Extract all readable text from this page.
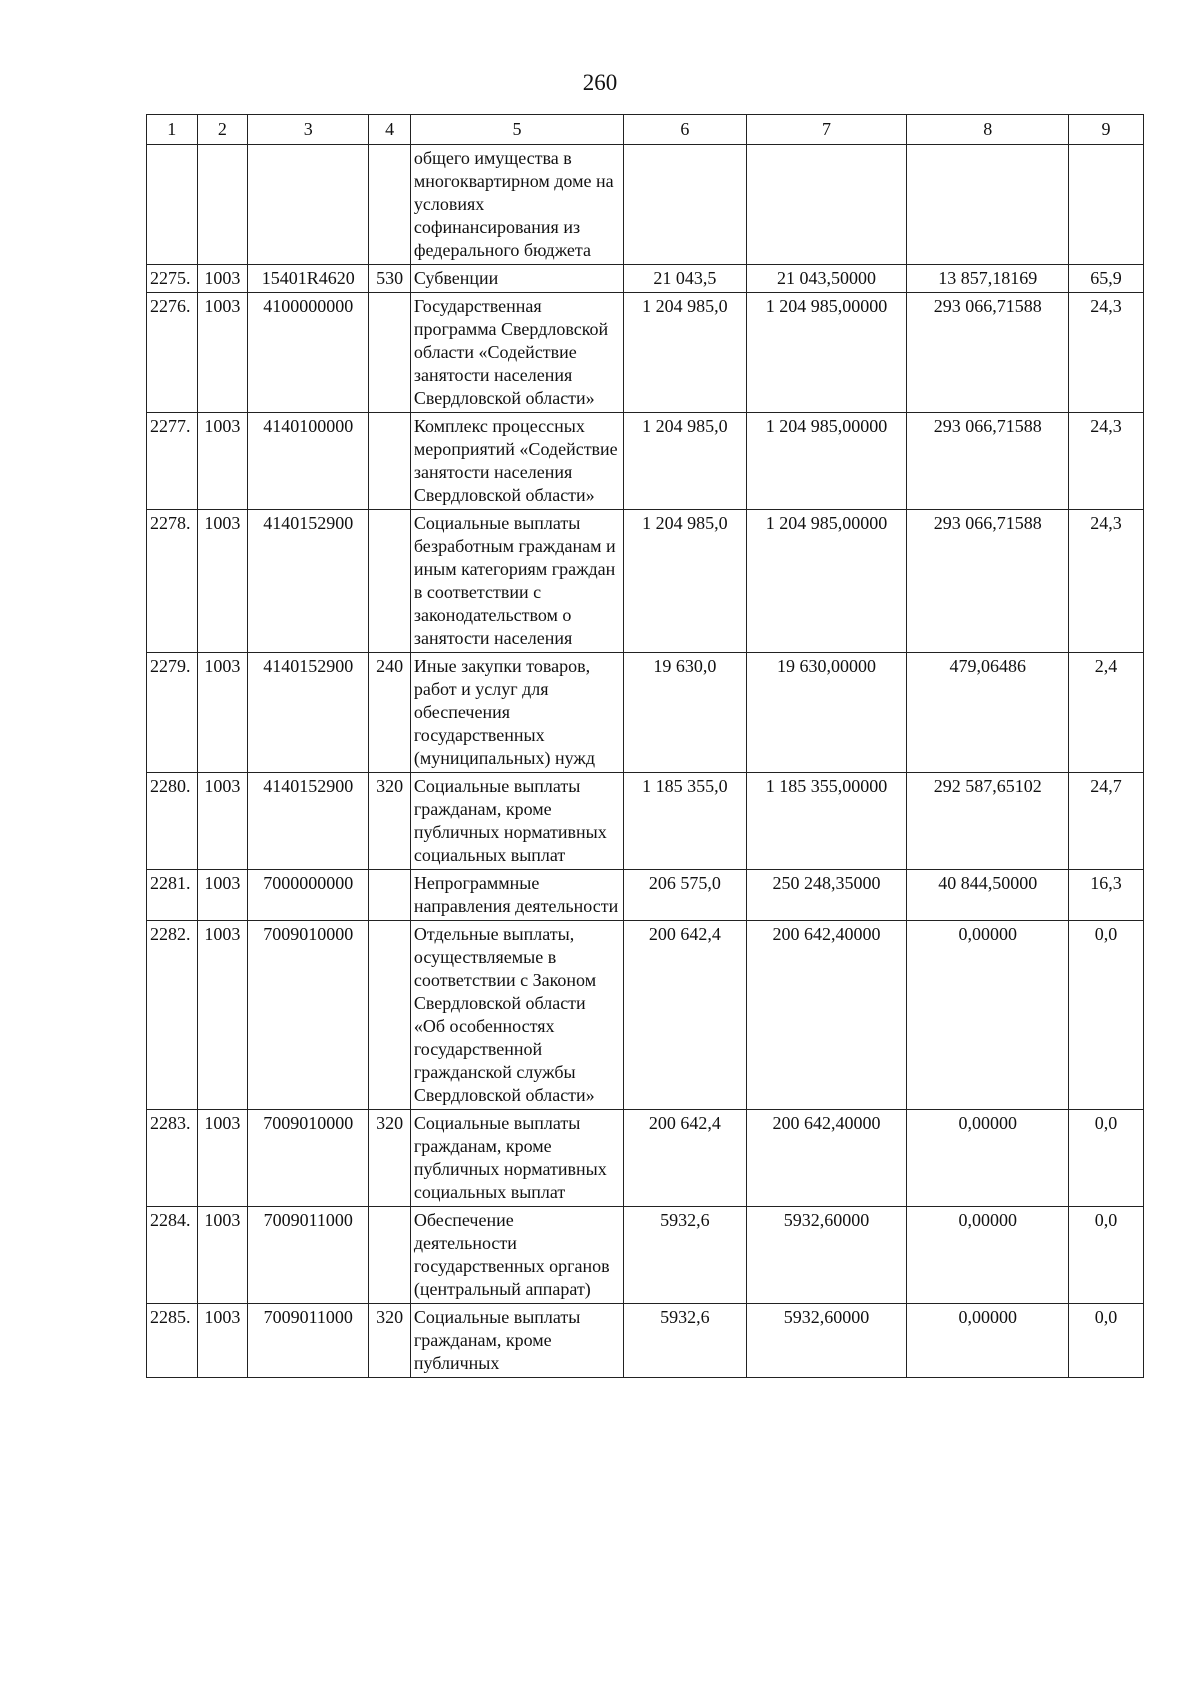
260
1	2	3	4	5	6	7	8	9
				общего имущества в многоквартирном доме на условиях софинансирования из федерального бюджета				
2275.	1003	15401R4620	530	Субвенции	21 043,5	21 043,50000	13 857,18169	65,9
2276.	1003	4100000000		Государственная программа Свердловской области «Содействие занятости населения Свердловской области»	1 204 985,0	1 204 985,00000	293 066,71588	24,3
2277.	1003	4140100000		Комплекс процессных мероприятий «Содействие занятости населения Свердловской области»	1 204 985,0	1 204 985,00000	293 066,71588	24,3
2278.	1003	4140152900		Социальные выплаты безработным гражданам и иным категориям граждан в соответствии с законодательством о занятости населения	1 204 985,0	1 204 985,00000	293 066,71588	24,3
2279.	1003	4140152900	240	Иные закупки товаров, работ и услуг для обеспечения государственных (муниципальных) нужд	19 630,0	19 630,00000	479,06486	2,4
2280.	1003	4140152900	320	Социальные выплаты гражданам, кроме публичных нормативных социальных выплат	1 185 355,0	1 185 355,00000	292 587,65102	24,7
2281.	1003	7000000000		Непрограммные направления деятельности	206 575,0	250 248,35000	40 844,50000	16,3
2282.	1003	7009010000		Отдельные выплаты, осуществляемые в соответствии с Законом Свердловской области «Об особенностях государственной гражданской службы Свердловской области»	200 642,4	200 642,40000	0,00000	0,0
2283.	1003	7009010000	320	Социальные выплаты гражданам, кроме публичных нормативных социальных выплат	200 642,4	200 642,40000	0,00000	0,0
2284.	1003	7009011000		Обеспечение деятельности государственных органов (центральный аппарат)	5932,6	5932,60000	0,00000	0,0
2285.	1003	7009011000	320	Социальные выплаты гражданам, кроме публичных	5932,6	5932,60000	0,00000	0,0
